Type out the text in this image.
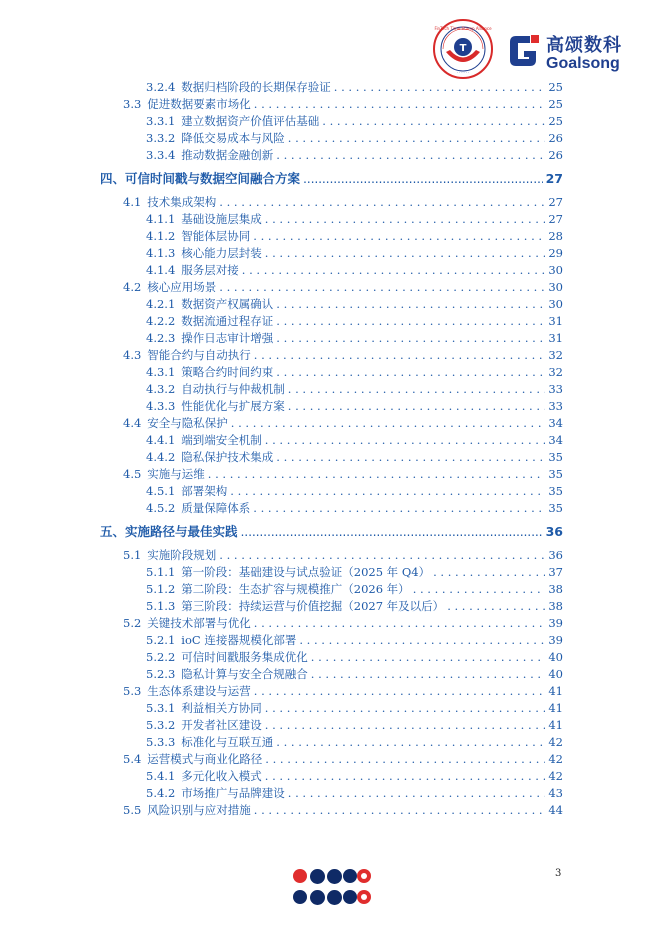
FinTech Time-Stamp Alliance
T
· · · · · ·
高颂数科
Goalsong
3.2.4 数据归档阶段的长期保存验证 . . .	25
3.3 促进数据要素市场化 . . .	25
3.3.1 建立数据资产价值评估基础 . . .	25
3.3.2 降低交易成本与风险 . . .	26
3.3.4 推动数据金融创新 . . .	26
四、 可信时间戳与数据空间融合方案 .....	27
4.1 技术集成架构 . . .	27
4.1.1 基础设施层集成 . . .	27
4.1.2 智能体层协同 . . .	28
4.1.3 核心能力层封装 . . .	29
4.1.4 服务层对接 . . .	30
4.2 核心应用场景 . . .	30
4.2.1 数据资产权属确认 . . .	30
4.2.2 数据流通过程存证 . . .	31
4.2.3 操作日志审计增强 . . .	31
4.3 智能合约与自动执行 . . .	32
4.3.1 策略合约时间约束 . . .	32
4.3.2 自动执行与仲裁机制 . . .	33
4.3.3 性能优化与扩展方案 . . .	33
4.4 安全与隐私保护 . . .	34
4.4.1 端到端安全机制 . . .	34
4.4.2 隐私保护技术集成 . . .	35
4.5 实施与运维 . . .	35
4.5.1 部署架构 . . .	35
4.5.2 质量保障体系 . . .	35
五、 实施路径与最佳实践 .....	36
5.1 实施阶段规划 . . .	36
5.1.1 第一阶段：基础建设与试点验证（2025 年 Q4） . . .	37
5.1.2 第二阶段：生态扩容与规模推广（2026 年） . . .	38
5.1.3 第三阶段：持续运营与价值挖掘（2027 年及以后） . . .	38
5.2 关键技术部署与优化 . . .	39
5.2.1 ioC 连接器规模化部署 . . .	39
5.2.2 可信时间戳服务集成优化 . . .	40
5.2.3 隐私计算与安全合规融合 . . .	40
5.3 生态体系建设与运营 . . .	41
5.3.1 利益相关方协同 . . .	41
5.3.2 开发者社区建设 . . .	41
5.3.3 标准化与互联互通 . . .	42
5.4 运营模式与商业化路径 . . .	42
5.4.1 多元化收入模式 . . .	42
5.4.2 市场推广与品牌建设 . . .	43
5.5 风险识别与应对措施 . . .	44
3
